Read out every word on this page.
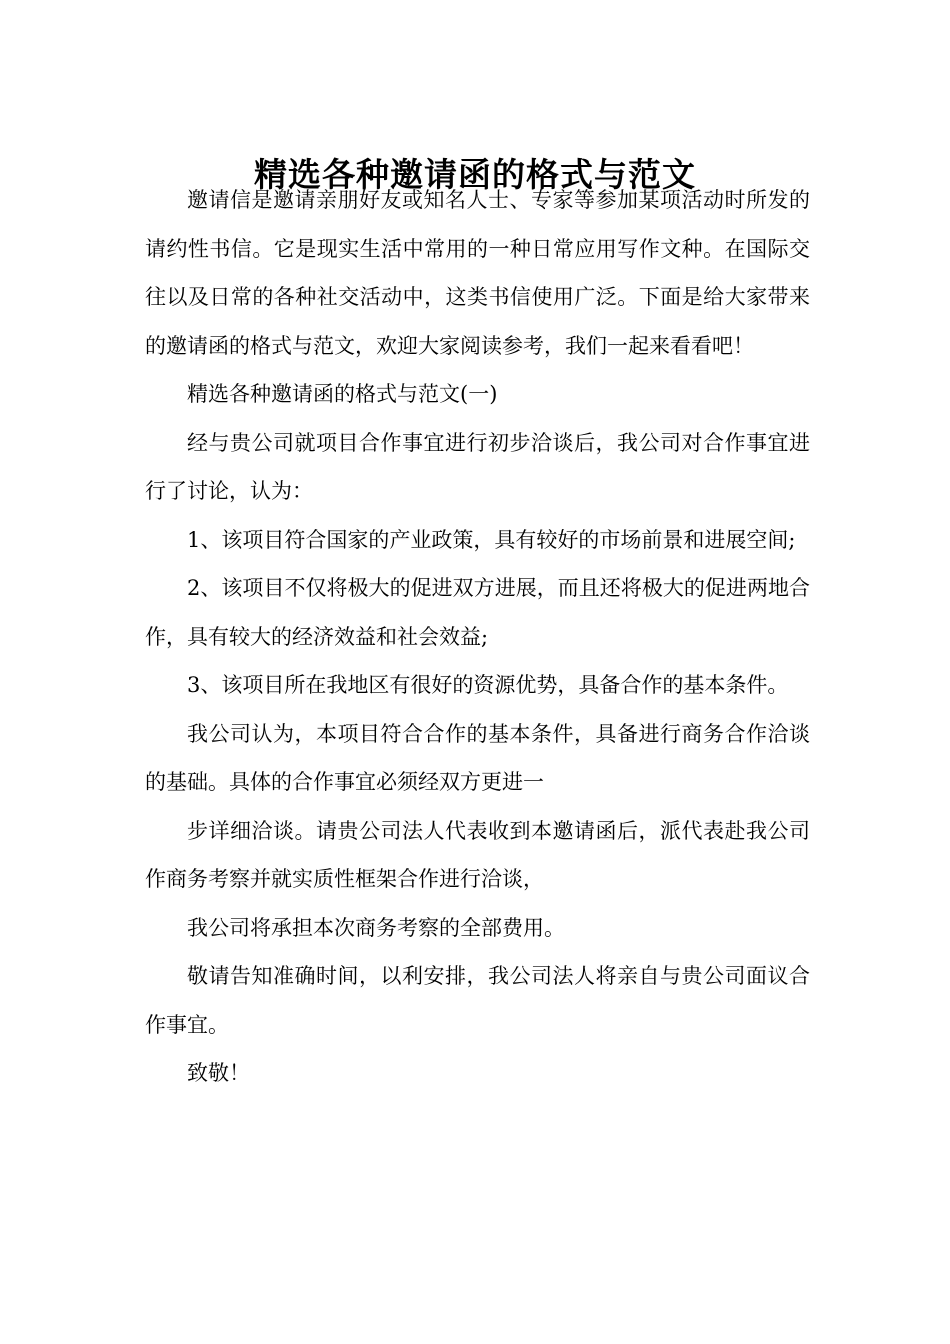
精选各种邀请函的格式与范文

邀请信是邀请亲朋好友或知名人士、专家等参加某项活动时所发的请约性书信。它是现实生活中常用的一种日常应用写作文种。在国际交往以及日常的各种社交活动中，这类书信使用广泛。下面是给大家带来的邀请函的格式与范文，欢迎大家阅读参考，我们一起来看看吧！

精选各种邀请函的格式与范文(一)

经与贵公司就项目合作事宜进行初步洽谈后，我公司对合作事宜进行了讨论，认为：

1、该项目符合国家的产业政策，具有较好的市场前景和进展空间;

2、该项目不仅将极大的促进双方进展，而且还将极大的促进两地合作，具有较大的经济效益和社会效益;

3、该项目所在我地区有很好的资源优势，具备合作的基本条件。

我公司认为，本项目符合合作的基本条件，具备进行商务合作洽谈的基础。具体的合作事宜必须经双方更进一

步详细洽谈。请贵公司法人代表收到本邀请函后，派代表赴我公司作商务考察并就实质性框架合作进行洽谈，

我公司将承担本次商务考察的全部费用。

敬请告知准确时间，以利安排，我公司法人将亲自与贵公司面议合作事宜。

致敬！
